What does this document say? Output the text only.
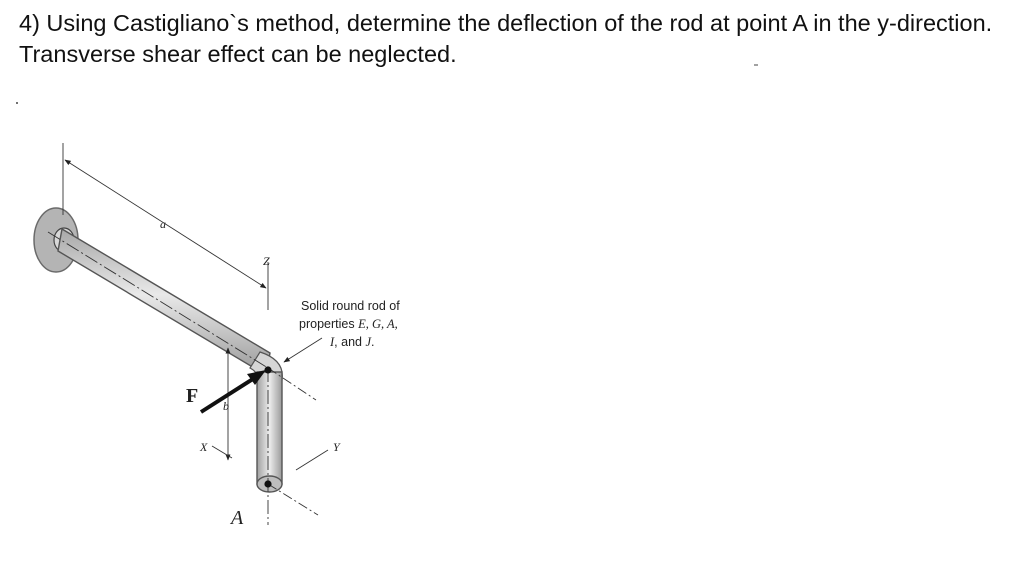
4) Using Castigliano`s method, determine the deflection of the rod at point A in the y-direction. Transverse shear effect can be neglected.

a
Z
b
X	Y
F
A
Solid round rod of
properties E, G, A,
I, and J.
